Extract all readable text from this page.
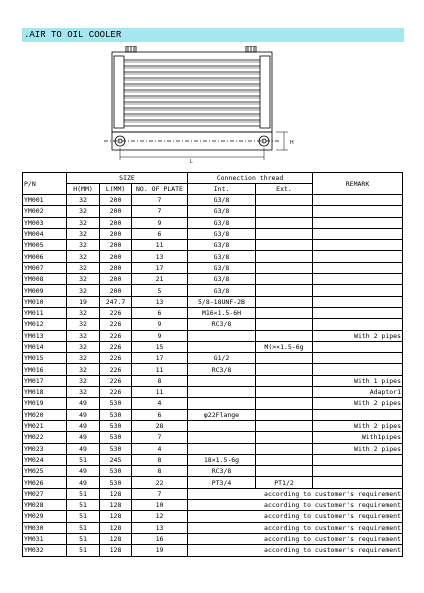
.AIR TO OIL COOLER
H
L
P/N	SIZE			Connection thread		REMARK
	H(MM)	L(MM)	NO. OF PLATE	Int.	Ext.	
YM001	32	200	7	G3/8		
YM002	32	200	7	G3/8		
YM003	32	200	9	G3/8		
YM004	32	200	6	G3/8		
YM005	32	200	11	G3/8		
YM006	32	200	13	G3/8		
YM007	32	200	17	G3/8		
YM008	32	200	21	G3/8		
YM009	32	200	5	G3/8		
YM010	19	247.7	13	5/8-18UNF-2B		
YM011	32	226	6	M16×1.5-6H		
YM012	32	226	9	RC3/8		
YM013	32	226	9			With 2 pipes
YM014	32	226	15		M(>×1.5-6g	
YM015	32	226	17	G1/2		
YM016	32	226	11	RC3/8		
YM017	32	226	8			With 1 pipes
YM018	32	226	11			Adaptor1
YM019	49	530	4			With 2 pipes
YM020	49	530	6	φ22Flange		
YM021	49	530	28			With 2 pipes
YM022	49	530	7			With1pipes
YM023	49	530	4			With 2 pipes
YM024	51	245	8	18×1.5-6g		
YM025	49	530	8	RC3/8		
YM026	49	530	22	PT3/4	PT1/2	
YM027	51	128	7	according to customer's requirement		
YM028	51	128	10	according to customer's requirement		
YM029	51	128	12	according to customer's requirement		
YM030	51	128	13	according to customer's requirement		
YM031	51	128	16	according to customer's requirement		
YM032	51	128	19	according to customer's requirement		
